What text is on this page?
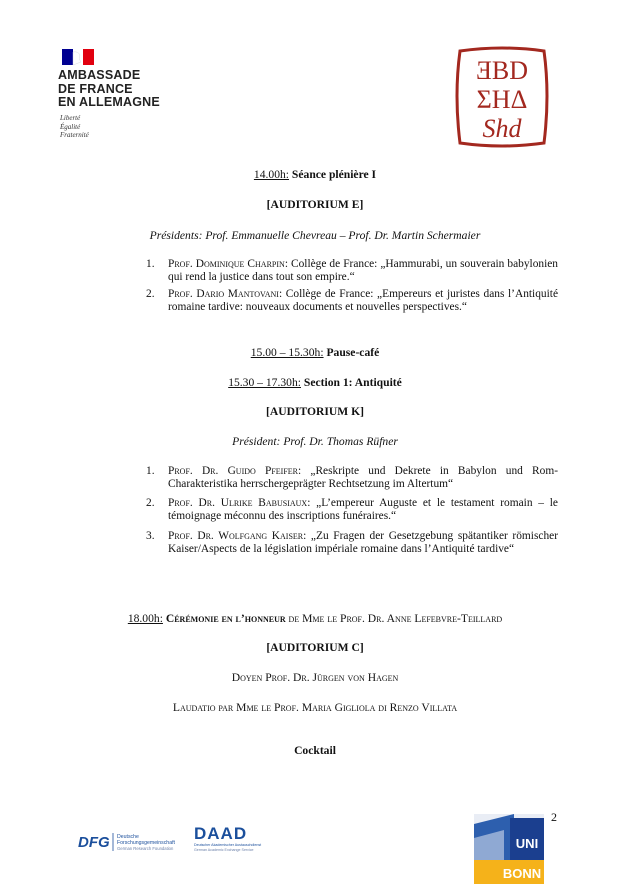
AMBASSADE
DE FRANCE
EN ALLEMAGNE
Liberté
Égalité
Fraternité
ƎBD
ΣHΔ
Shd
14.00h: Séance plénière I
[AUDITORIUM E]
Présidents: Prof. Emmanuelle Chevreau – Prof. Dr. Martin Schermaier
1. Prof. Dominique Charpin: Collège de France: „Hammurabi, un souverain babylonien qui rend la justice dans tout son empire.“
2. Prof. Dario Mantovani: Collège de France: „Empereurs et juristes dans l’Antiquité romaine tardive: nouveaux documents et nouvelles perspectives.“
15.00 – 15.30h: Pause-café
15.30 – 17.30h: Section 1: Antiquité
[AUDITORIUM K]
Président: Prof. Dr. Thomas Rüfner
1. Prof. Dr. Guido Pfeifer: „Reskripte und Dekrete in Babylon und Rom- Charakteristika herrschergeprägter Rechtsetzung im Altertum“
2. Prof. Dr. Ulrike Babusiaux: „L’empereur Auguste et le testament romain – le témoignage méconnu des inscriptions funéraires.“
3. Prof. Dr. Wolfgang Kaiser: „Zu Fragen der Gesetzgebung spätantiker römischer Kaiser/Aspects de la législation impériale romaine dans l’Antiquité tardive“
18.00h: Cérémonie en l’honneur de Mme le Prof. Dr. Anne Lefebvre-Teillard
[AUDITORIUM C]
Doyen Prof. Dr. Jürgen von Hagen
Laudatio par Mme le Prof. Maria Gigliola di Renzo Villata
Cocktail
2
DFG Deutsche
Forschungsgemeinschaft
German Research Foundation
DAAD
Deutscher Akademischer Austauschdienst
German Academic Exchange Service	UNI
BONN
